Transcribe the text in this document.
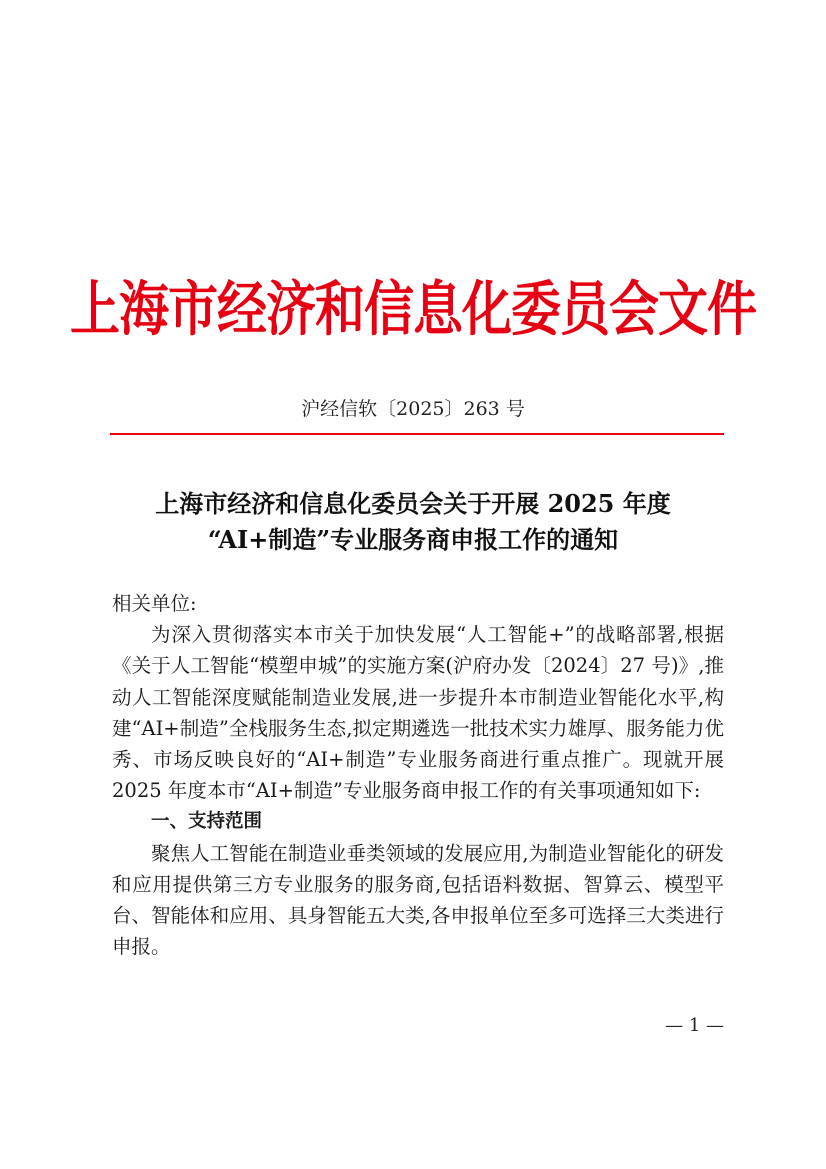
上海市经济和信息化委员会文件
沪经信软〔2025〕263 号
上海市经济和信息化委员会关于开展 2025 年度
“AI+制造”专业服务商申报工作的通知
相关单位:

为深入贯彻落实本市关于加快发展“人工智能+”的战略部署,根据《关于人工智能“模塑申城”的实施方案(沪府办发〔2024〕27 号)》,推动人工智能深度赋能制造业发展,进一步提升本市制造业智能化水平,构建“AI+制造”全栈服务生态,拟定期遴选一批技术实力雄厚、服务能力优秀、市场反映良好的“AI+制造”专业服务商进行重点推广。现就开展 2025 年度本市“AI+制造”专业服务商申报工作的有关事项通知如下:

一、支持范围

聚焦人工智能在制造业垂类领域的发展应用,为制造业智能化的研发和应用提供第三方专业服务的服务商,包括语料数据、智算云、模型平台、智能体和应用、具身智能五大类,各申报单位至多可选择三大类进行申报。

— 1 —
